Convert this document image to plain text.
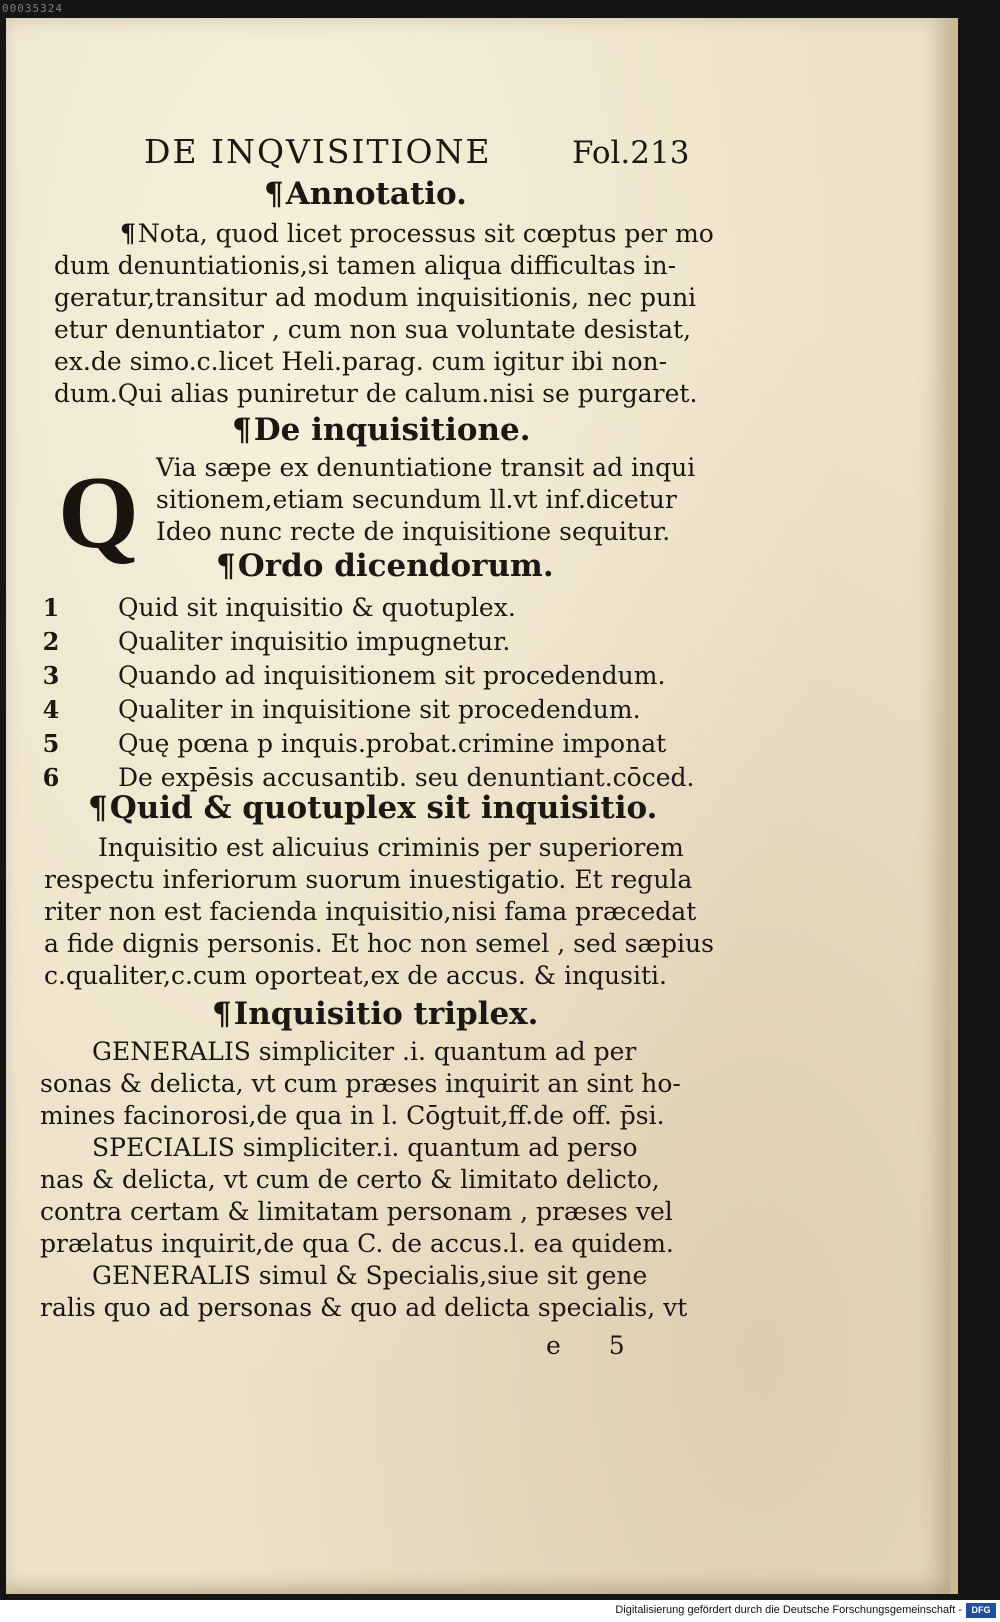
00035324
DE INQVISITIONE	Fol.213
¶Annotatio.
¶Nota, quod licet processus sit cœptus per mo
dum denuntiationis,si tamen aliqua difficultas in-
geratur,transitur ad modum inquisitionis, nec puni
etur denuntiator , cum non sua voluntate desistat,
ex.de simo.c.licet Heli.parag. cum igitur ibi non-
dum.Qui alias puniretur de calum.nisi se purgaret.
¶De inquisitione.
Q Via sæpe ex denuntiatione transit ad inqui
sitionem,etiam secundum ll.vt inf.dicetur
Ideo nunc recte de inquisitione sequitur.
¶Ordo dicendorum.
1 Quid sit inquisitio & quotuplex.
2 Qualiter inquisitio impugnetur.
3 Quando ad inquisitionem sit procedendum.
4 Qualiter in inquisitione sit procedendum.
5 Quę pœna p inquis.probat.crimine imponat
6 De expēsis accusantib. seu denuntiant.cōced.
¶Quid & quotuplex sit inquisitio.
Inquisitio est alicuius criminis per superiorem
respectu inferiorum suorum inuestigatio. Et regula
riter non est facienda inquisitio,nisi fama præcedat
a fide dignis personis. Et hoc non semel , sed sæpius
c.qualiter,c.cum oporteat,ex de accus. & inqusiti.
¶Inquisitio triplex.
GENERALIS simpliciter .i. quantum ad per
sonas & delicta, vt cum præses inquirit an sint ho-
mines facinorosi,de qua in l. Cōgtuit,ff.de off. p̄si.
SPECIALIS simpliciter.i. quantum ad perso
nas & delicta, vt cum de certo & limitato delicto,
contra certam & limitatam personam , præses vel
prælatus inquirit,de qua C. de accus.l. ea quidem.
GENERALIS simul & Specialis,siue sit gene
ralis quo ad personas & quo ad delicta specialis, vt
e 5
Digitalisierung gefördert durch die Deutsche Forschungsgemeinschaft -	DFG
